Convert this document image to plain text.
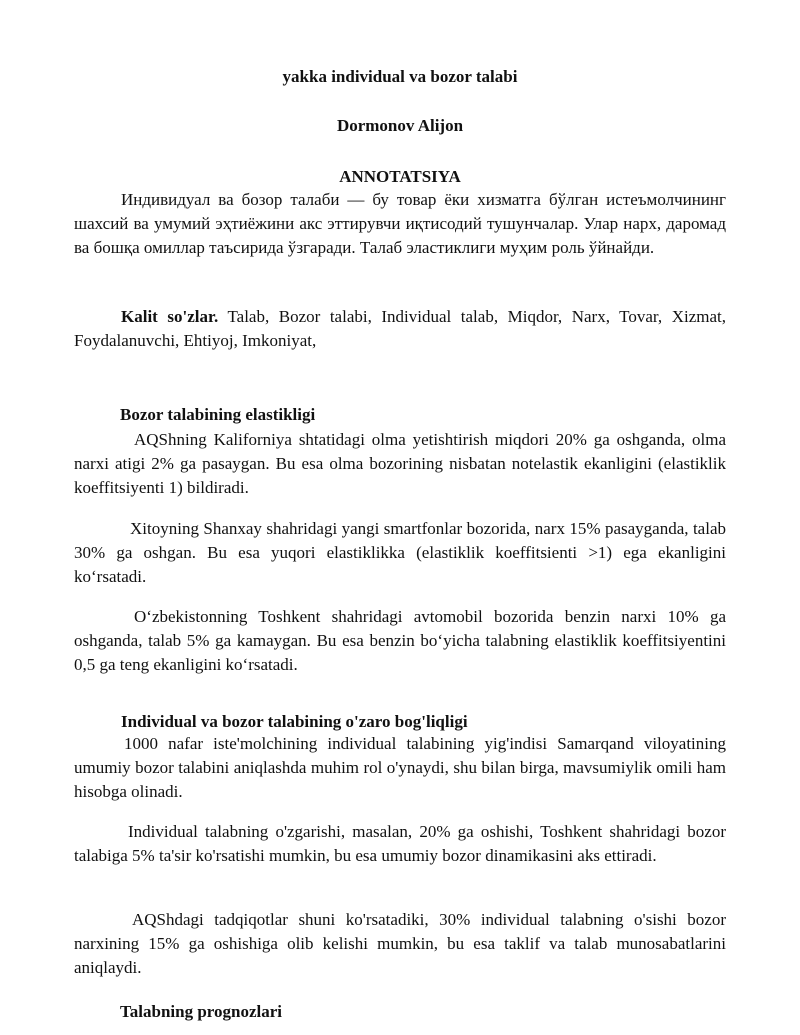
yakka individual va bozor talabi
Dormonov Alijon
ANNOTATSIYA

Индивидуал ва бозор талаби — бу товар ёки хизматга бўлган истеъмолчининг шахсий ва умумий эҳтиёжини акс эттирувчи иқтисодий тушунчалар. Улар нарх, даромад ва бошқа омиллар таъсирида ўзгаради. Талаб эластиклиги муҳим роль ўйнайди.

Kalit so'zlar. Talab, Bozor talabi, Individual talab, Miqdor, Narx, Tovar, Xizmat, Foydalanuvchi, Ehtiyoj, Imkoniyat,

Bozor talabining elastikligi

AQShning Kaliforniya shtatidagi olma yetishtirish miqdori 20% ga oshganda, olma narxi atigi 2% ga pasaygan. Bu esa olma bozorining nisbatan notelastik ekanligini (elastiklik koeffitsiyenti 1) bildiradi.

Xitoyning Shanxay shahridagi yangi smartfonlar bozorida, narx 15% pasayganda, talab 30% ga oshgan. Bu esa yuqori elastiklikka (elastiklik koeffitsienti >1) ega ekanligini ko‘rsatadi.

O‘zbekistonning Toshkent shahridagi avtomobil bozorida benzin narxi 10% ga oshganda, talab 5% ga kamaygan. Bu esa benzin bo‘yicha talabning elastiklik koeffitsiyentini 0,5 ga teng ekanligini ko‘rsatadi.

Individual va bozor talabining o'zaro bog'liqligi

1000 nafar iste'molchining individual talabining yig'indisi Samarqand viloyatining umumiy bozor talabini aniqlashda muhim rol o'ynaydi, shu bilan birga, mavsumiylik omili ham hisobga olinadi.

Individual talabning o'zgarishi, masalan, 20% ga oshishi, Toshkent shahridagi bozor talabiga 5% ta'sir ko'rsatishi mumkin, bu esa umumiy bozor dinamikasini aks ettiradi.

AQShdagi tadqiqotlar shuni ko'rsatadiki, 30% individual talabning o'sishi bozor narxining 15% ga oshishiga olib kelishi mumkin, bu esa taklif va talab munosabatlarini aniqlaydi.

Talabning prognozlari
